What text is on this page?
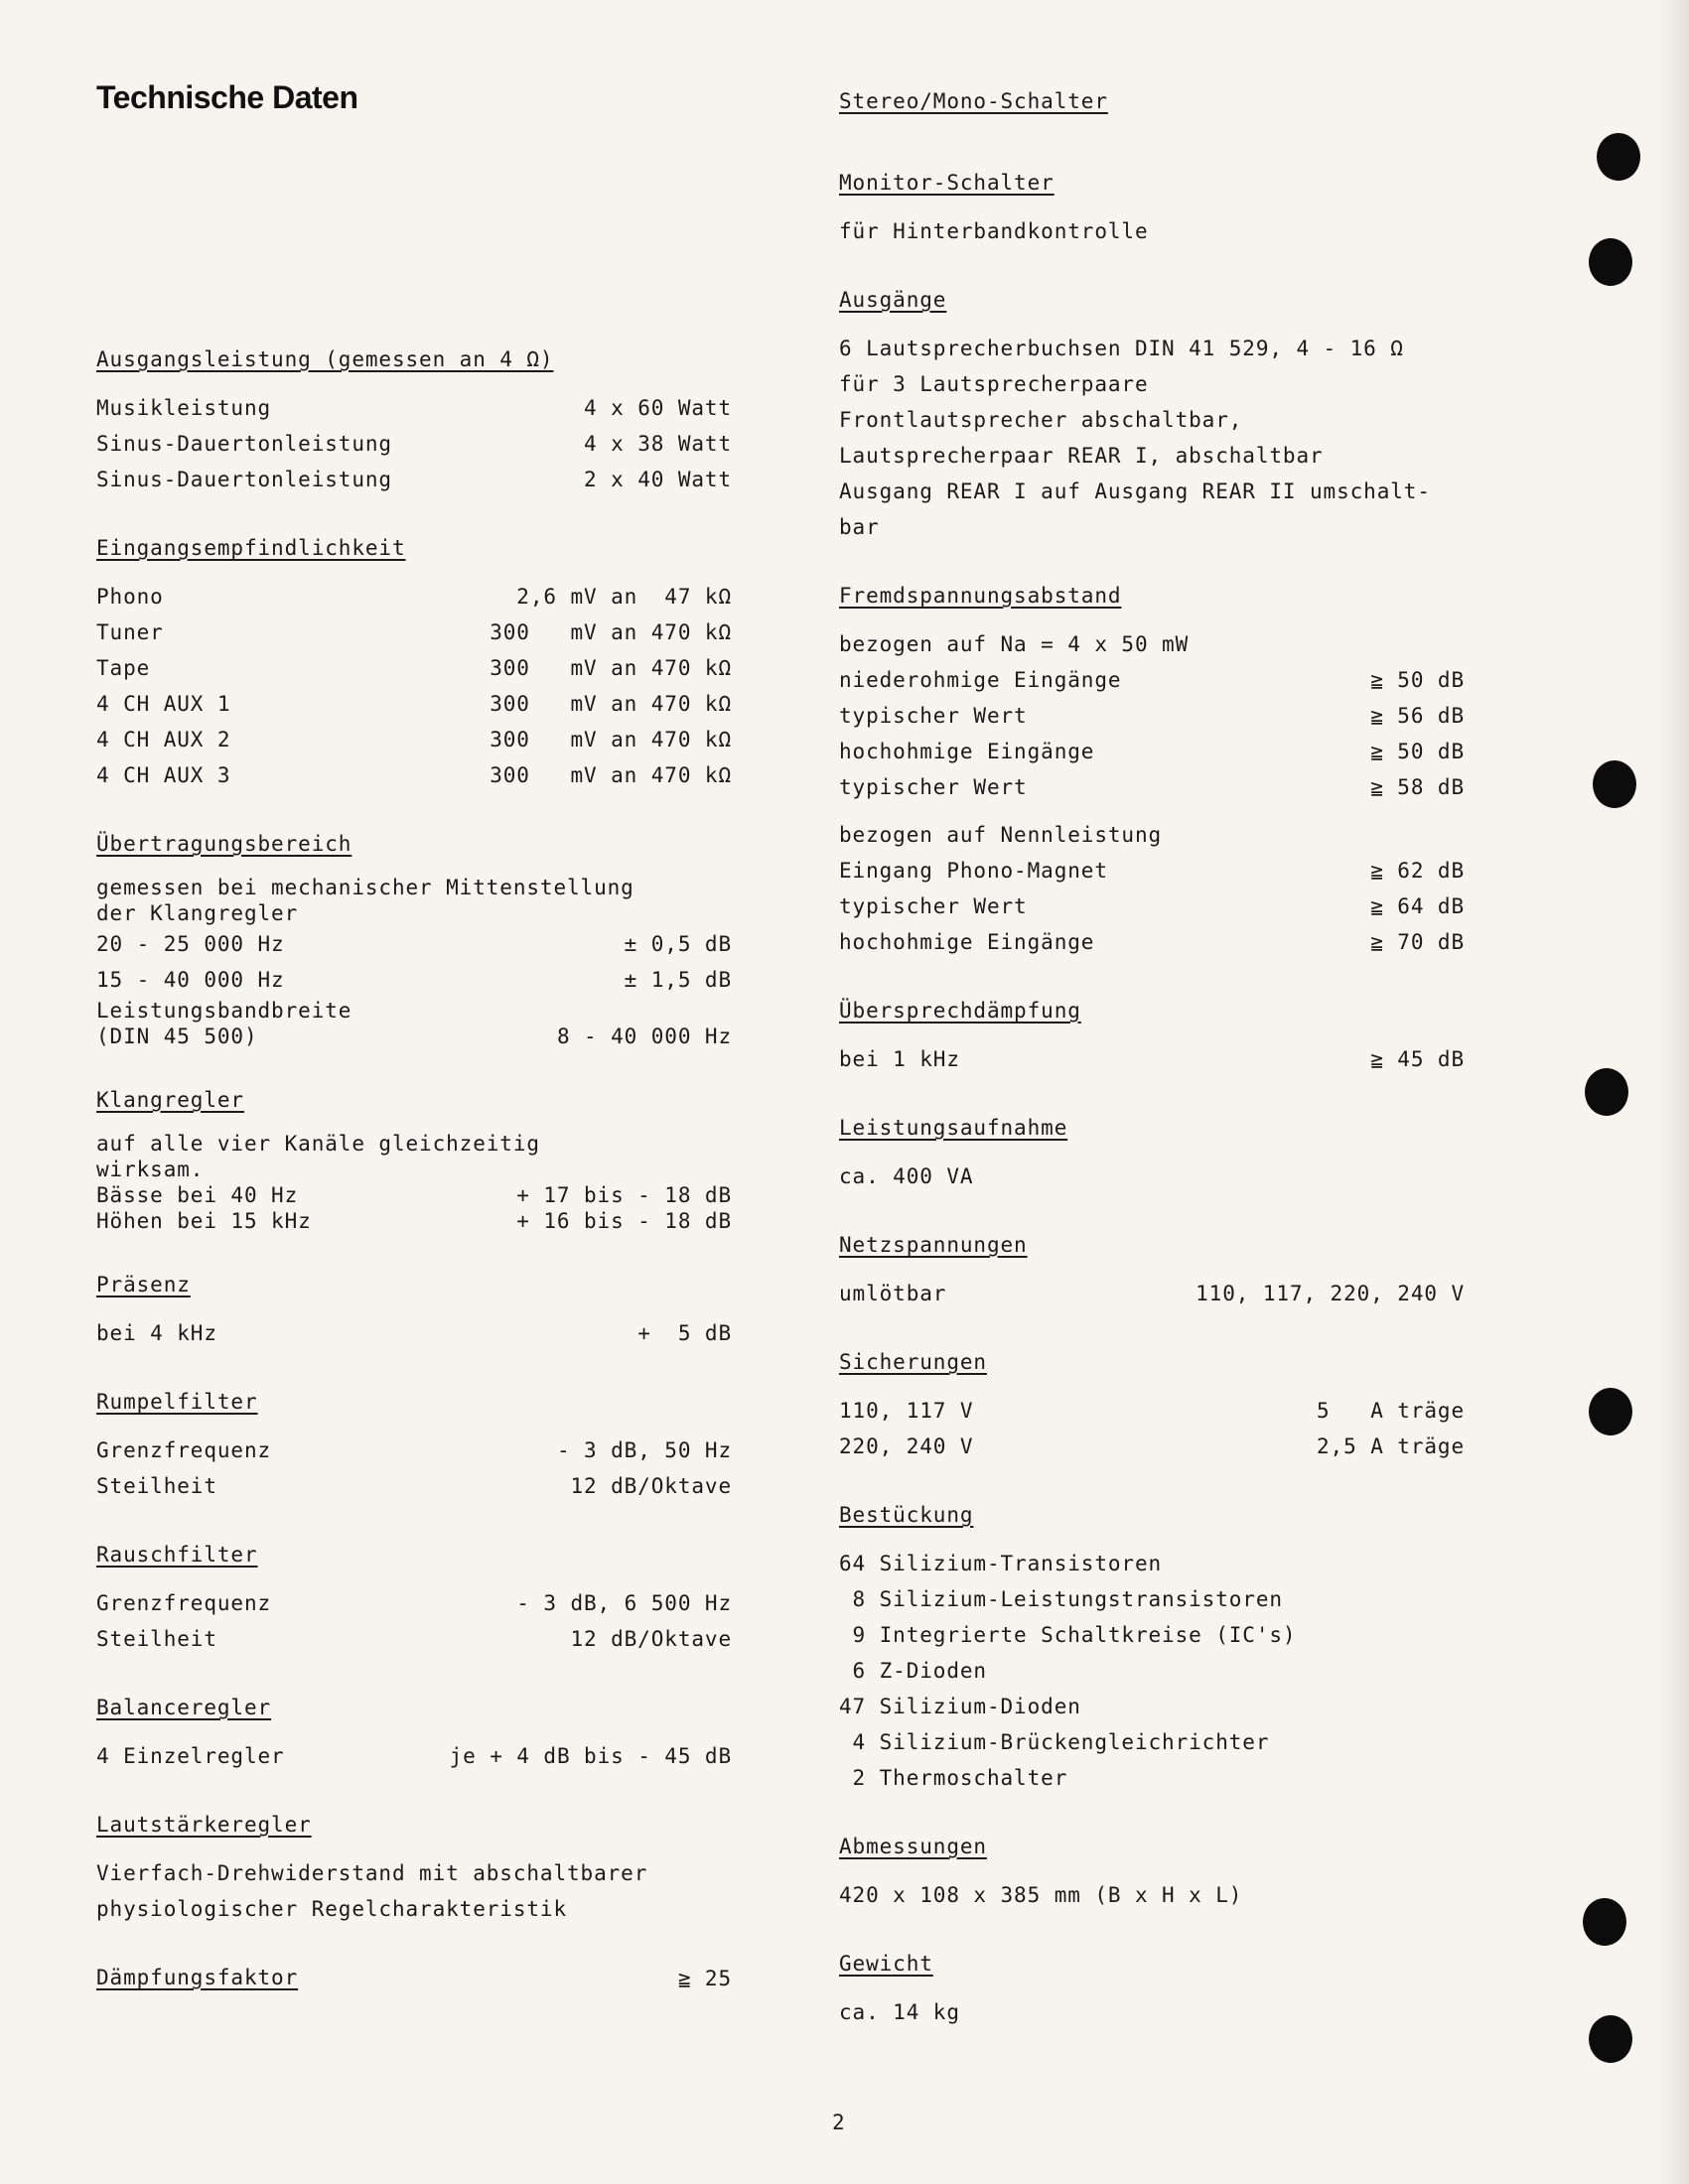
Technische Daten
Ausgangsleistung (gemessen an 4 Ω)
Musikleistung	4 x 60 Watt
Sinus-Dauertonleistung	4 x 38 Watt
Sinus-Dauertonleistung	2 x 40 Watt
Eingangsempfindlichkeit
Phono	2,6 mV an  47 kΩ
Tuner	300   mV an 470 kΩ
Tape	300   mV an 470 kΩ
4 CH AUX 1	300   mV an 470 kΩ
4 CH AUX 2	300   mV an 470 kΩ
4 CH AUX 3	300   mV an 470 kΩ
Übertragungsbereich
gemessen bei mechanischer Mittenstellung
der Klangregler
20 - 25 000 Hz	± 0,5 dB
15 - 40 000 Hz	± 1,5 dB
Leistungsbandbreite
(DIN 45 500)	8 - 40 000 Hz
Klangregler
auf alle vier Kanäle gleichzeitig
wirksam.
Bässe bei 40 Hz	+ 17 bis - 18 dB
Höhen bei 15 kHz	+ 16 bis - 18 dB
Präsenz
bei 4 kHz	+  5 dB
Rumpelfilter
Grenzfrequenz	- 3 dB, 50 Hz
Steilheit	12 dB/Oktave
Rauschfilter
Grenzfrequenz	- 3 dB, 6 500 Hz
Steilheit	12 dB/Oktave
Balanceregler
4 Einzelregler	je + 4 dB bis - 45 dB
Lautstärkeregler
Vierfach-Drehwiderstand mit abschaltbarer
physiologischer Regelcharakteristik
Dämpfungsfaktor	≧ 25
Stereo/Mono-Schalter
Monitor-Schalter
für Hinterbandkontrolle
Ausgänge
6 Lautsprecherbuchsen DIN 41 529, 4 - 16 Ω
für 3 Lautsprecherpaare
Frontlautsprecher abschaltbar,
Lautsprecherpaar REAR I, abschaltbar
Ausgang REAR I auf Ausgang REAR II umschalt-
bar
Fremdspannungsabstand
bezogen auf Na = 4 x 50 mW
niederohmige Eingänge	≧ 50 dB
typischer Wert	≧ 56 dB
hochohmige Eingänge	≧ 50 dB
typischer Wert	≧ 58 dB
bezogen auf Nennleistung
Eingang Phono-Magnet	≧ 62 dB
typischer Wert	≧ 64 dB
hochohmige Eingänge	≧ 70 dB
Übersprechdämpfung
bei 1 kHz	≧ 45 dB
Leistungsaufnahme
ca. 400 VA
Netzspannungen
umlötbar	110, 117, 220, 240 V
Sicherungen
110, 117 V	5   A träge
220, 240 V	2,5 A träge
Bestückung
64 Silizium-Transistoren
8 Silizium-Leistungstransistoren
9 Integrierte Schaltkreise (IC's)
6 Z-Dioden
47 Silizium-Dioden
4 Silizium-Brückengleichrichter
2 Thermoschalter
Abmessungen
420 x 108 x 385 mm (B x H x L)
Gewicht
ca. 14 kg
2
